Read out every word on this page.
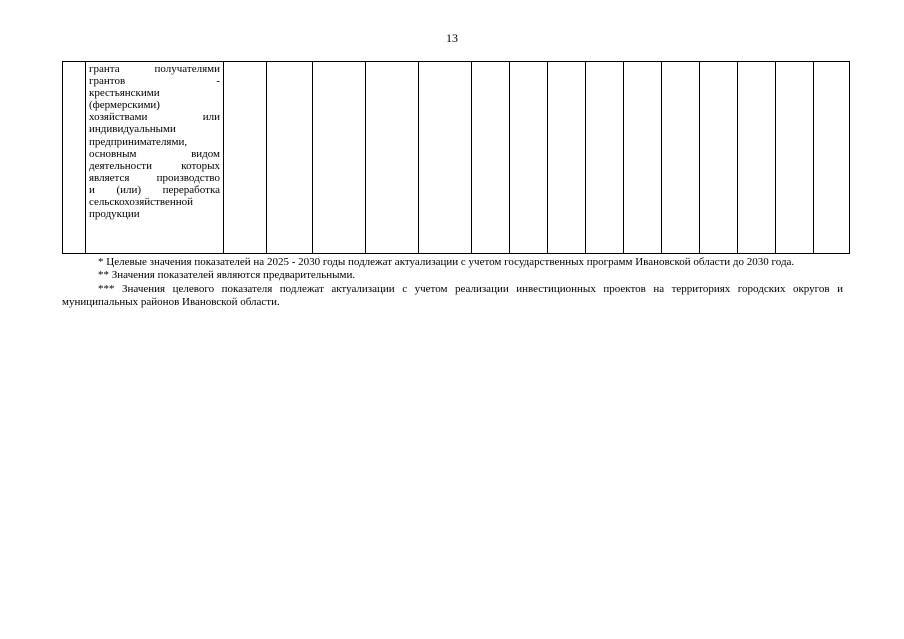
13

гранта получателями
грантов -
крестьянскими
(фермерскими)
хозяйствами или
индивидуальными
предпринимателями,
основным видом
деятельности которых
является производство
и (или) переработка
сельскохозяйственной
продукции

* Целевые значения показателей на 2025 - 2030 годы подлежат актуализации с учетом государственных программ Ивановской области до 2030 года.

** Значения показателей являются предварительными.

*** Значения целевого показателя подлежат актуализации с учетом реализации инвестиционных проектов на территориях городских округов и муниципальных районов Ивановской области.
